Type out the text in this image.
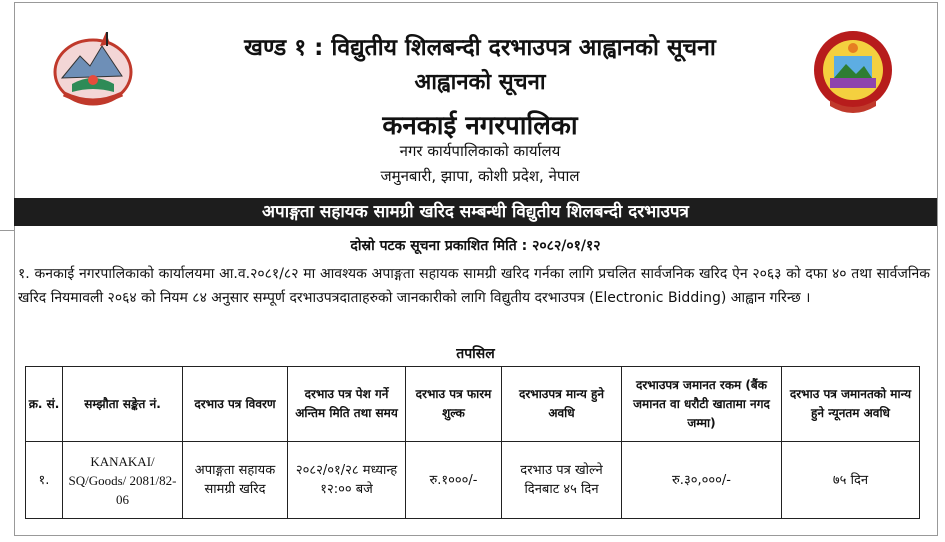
खण्ड १ : विद्युतीय शिलबन्दी दरभाउपत्र आह्वानको सूचना
आह्वानको सूचना
कनकाई नगरपालिका
नगर कार्यपालिकाको कार्यालय
जमुनबारी, झापा, कोशी प्रदेश, नेपाल
अपाङ्गता सहायक सामग्री खरिद सम्बन्धी विद्युतीय शिलबन्दी दरभाउपत्र
दोस्रो पटक सूचना प्रकाशित मिति : २०८२/०१/१२
१. कनकाई नगरपालिकाको कार्यालयमा आ.व.२०८१/८२ मा आवश्यक अपाङ्गता सहायक सामग्री खरिद गर्नका लागि प्रचलित सार्वजनिक खरिद ऐन २०६३ को दफा ४० तथा सार्वजनिक खरिद नियमावली २०६४ को नियम ८४ अनुसार सम्पूर्ण दरभाउपत्रदाताहरुको जानकारीको लागि विद्युतीय दरभाउपत्र (Electronic Bidding) आह्वान गरिन्छ ।
तपसिल
क्र. सं.	सम्झौता सङ्केत नं.	दरभाउ पत्र विवरण	दरभाउ पत्र पेश गर्ने अन्तिम मिति तथा समय	दरभाउ पत्र फारम शुल्क	दरभाउपत्र मान्य हुने अवधि	दरभाउपत्र जमानत रकम (बैंक जमानत वा धरौटी खातामा नगद जम्मा)	दरभाउ पत्र जमानतको मान्य हुने न्यूनतम अवधि
१.	KANAKAI/ SQ/Goods/ 2081/82-06	अपाङ्गता सहायक सामग्री खरिद	२०८२/०१/२८ मध्यान्ह १२:०० बजे	रु.१०००/-	दरभाउ पत्र खोल्ने दिनबाट ४५ दिन	रु.३०,०००/-	७५ दिन
